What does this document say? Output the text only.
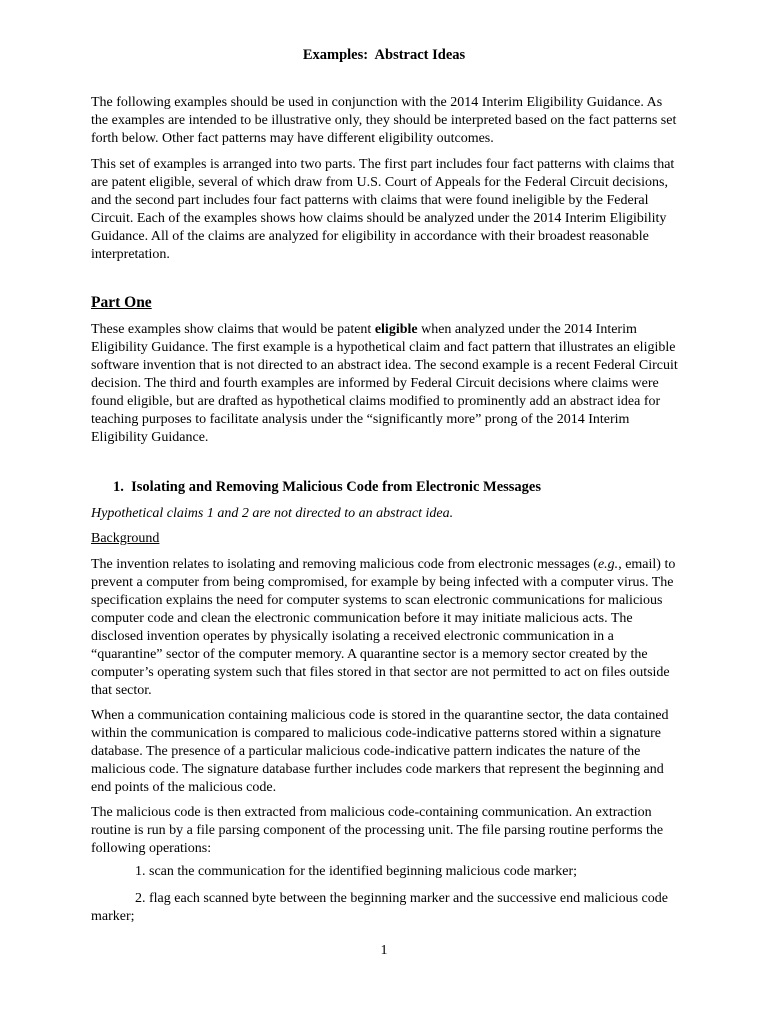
Examples:  Abstract Ideas

The following examples should be used in conjunction with the 2014 Interim Eligibility Guidance. As the examples are intended to be illustrative only, they should be interpreted based on the fact patterns set forth below. Other fact patterns may have different eligibility outcomes.

This set of examples is arranged into two parts. The first part includes four fact patterns with claims that are patent eligible, several of which draw from U.S. Court of Appeals for the Federal Circuit decisions, and the second part includes four fact patterns with claims that were found ineligible by the Federal Circuit. Each of the examples shows how claims should be analyzed under the 2014 Interim Eligibility Guidance. All of the claims are analyzed for eligibility in accordance with their broadest reasonable interpretation.

Part One

These examples show claims that would be patent eligible when analyzed under the 2014 Interim Eligibility Guidance. The first example is a hypothetical claim and fact pattern that illustrates an eligible software invention that is not directed to an abstract idea. The second example is a recent Federal Circuit decision. The third and fourth examples are informed by Federal Circuit decisions where claims were found eligible, but are drafted as hypothetical claims modified to prominently add an abstract idea for teaching purposes to facilitate analysis under the “significantly more” prong of the 2014 Interim Eligibility Guidance.

1. Isolating and Removing Malicious Code from Electronic Messages
Hypothetical claims 1 and 2 are not directed to an abstract idea.
Background

The invention relates to isolating and removing malicious code from electronic messages (e.g., email) to prevent a computer from being compromised, for example by being infected with a computer virus. The specification explains the need for computer systems to scan electronic communications for malicious computer code and clean the electronic communication before it may initiate malicious acts. The disclosed invention operates by physically isolating a received electronic communication in a “quarantine” sector of the computer memory. A quarantine sector is a memory sector created by the computer’s operating system such that files stored in that sector are not permitted to act on files outside that sector.

When a communication containing malicious code is stored in the quarantine sector, the data contained within the communication is compared to malicious code-indicative patterns stored within a signature database. The presence of a particular malicious code-indicative pattern indicates the nature of the malicious code. The signature database further includes code markers that represent the beginning and end points of the malicious code.

The malicious code is then extracted from malicious code-containing communication. An extraction routine is run by a file parsing component of the processing unit. The file parsing routine performs the following operations:

1. scan the communication for the identified beginning malicious code marker;

2. flag each scanned byte between the beginning marker and the successive end malicious code marker;

1
